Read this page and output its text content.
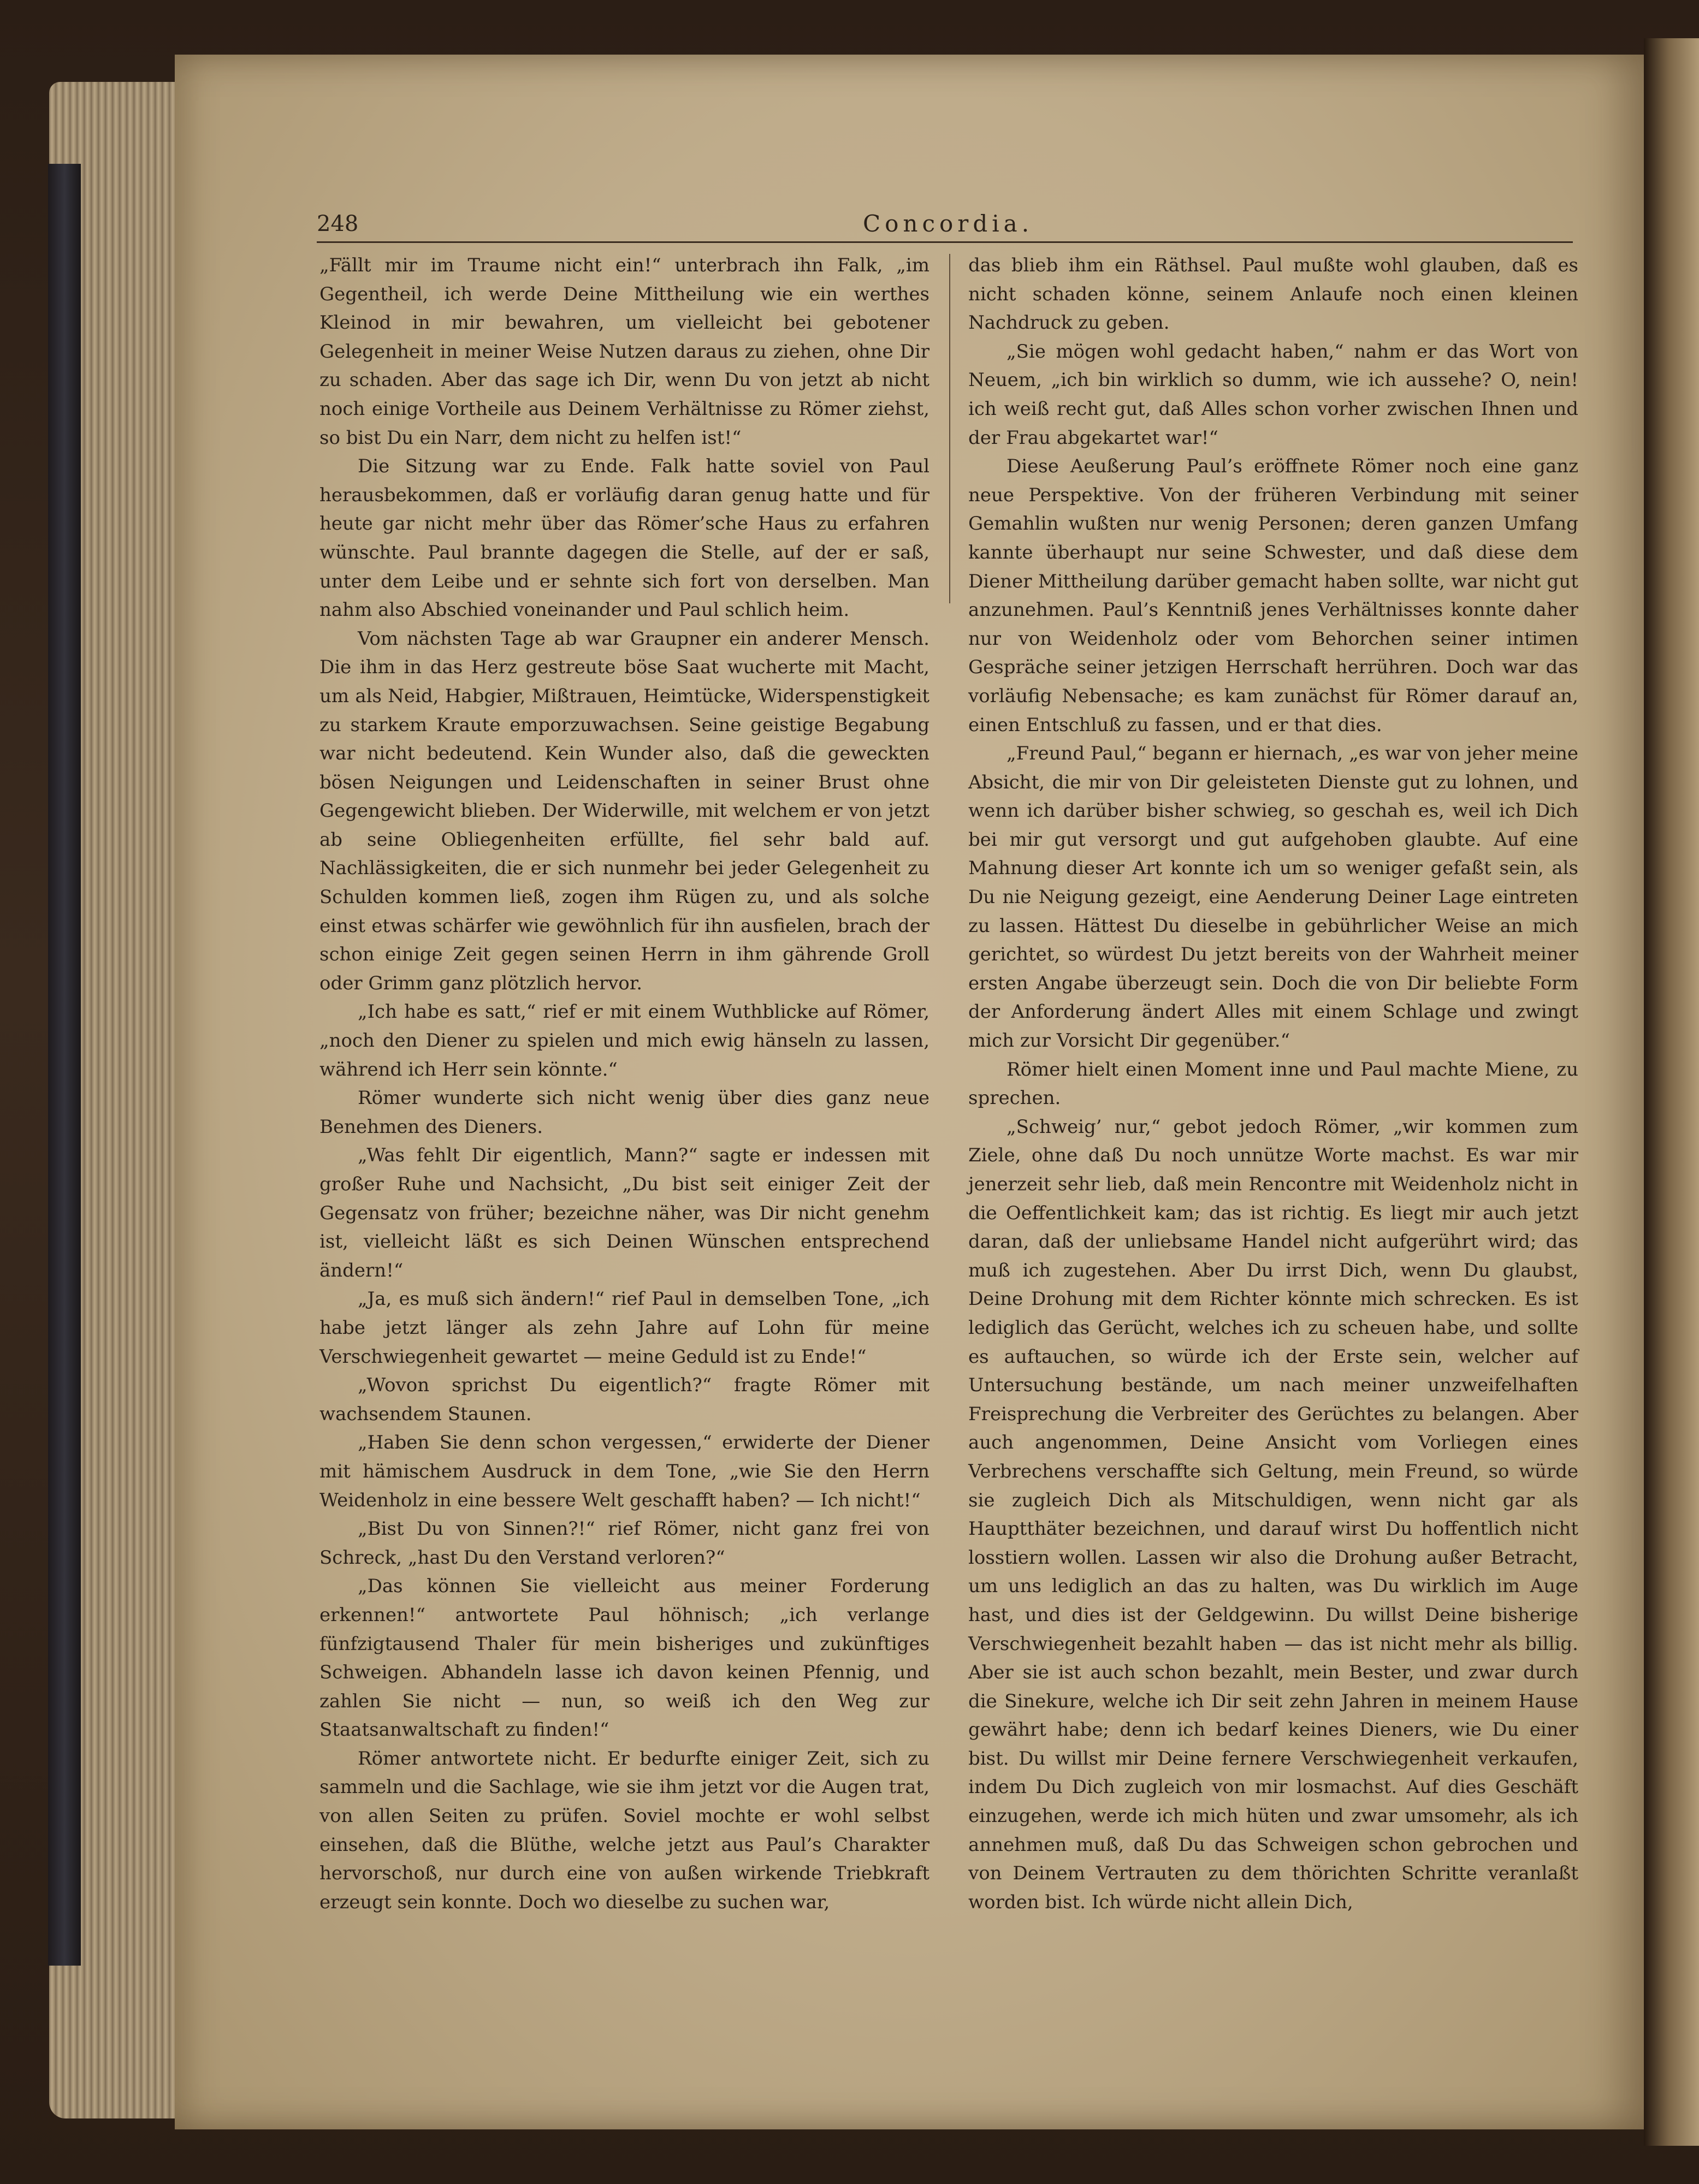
248	Concordia.

„Fällt mir im Traume nicht ein!“ unterbrach ihn Falk, „im Gegentheil, ich werde Deine Mittheilung wie ein werthes Kleinod in mir bewahren, um vielleicht bei gebotener Gelegenheit in meiner Weise Nutzen daraus zu ziehen, ohne Dir zu schaden. Aber das sage ich Dir, wenn Du von jetzt ab nicht noch einige Vortheile aus Deinem Verhältnisse zu Römer ziehst, so bist Du ein Narr, dem nicht zu helfen ist!“

Die Sitzung war zu Ende. Falk hatte soviel von Paul herausbekommen, daß er vorläufig daran genug hatte und für heute gar nicht mehr über das Römer’sche Haus zu erfahren wünschte. Paul brannte dagegen die Stelle, auf der er saß, unter dem Leibe und er sehnte sich fort von derselben. Man nahm also Abschied voneinander und Paul schlich heim.

Vom nächsten Tage ab war Graupner ein anderer Mensch. Die ihm in das Herz gestreute böse Saat wucherte mit Macht, um als Neid, Habgier, Mißtrauen, Heimtücke, Widerspenstigkeit zu starkem Kraute emporzuwachsen. Seine geistige Begabung war nicht bedeutend. Kein Wunder also, daß die geweckten bösen Neigungen und Leidenschaften in seiner Brust ohne Gegengewicht blieben. Der Widerwille, mit welchem er von jetzt ab seine Obliegenheiten erfüllte, fiel sehr bald auf. Nachlässigkeiten, die er sich nunmehr bei jeder Gelegenheit zu Schulden kommen ließ, zogen ihm Rügen zu, und als solche einst etwas schärfer wie gewöhnlich für ihn ausfielen, brach der schon einige Zeit gegen seinen Herrn in ihm gährende Groll oder Grimm ganz plötzlich hervor.

„Ich habe es satt,“ rief er mit einem Wuthblicke auf Römer, „noch den Diener zu spielen und mich ewig hänseln zu lassen, während ich Herr sein könnte.“

Römer wunderte sich nicht wenig über dies ganz neue Benehmen des Dieners.

„Was fehlt Dir eigentlich, Mann?“ sagte er indessen mit großer Ruhe und Nachsicht, „Du bist seit einiger Zeit der Gegensatz von früher; bezeichne näher, was Dir nicht genehm ist, vielleicht läßt es sich Deinen Wünschen entsprechend ändern!“

„Ja, es muß sich ändern!“ rief Paul in demselben Tone, „ich habe jetzt länger als zehn Jahre auf Lohn für meine Verschwiegenheit gewartet — meine Geduld ist zu Ende!“

„Wovon sprichst Du eigentlich?“ fragte Römer mit wachsendem Staunen.

„Haben Sie denn schon vergessen,“ erwiderte der Diener mit hämischem Ausdruck in dem Tone, „wie Sie den Herrn Weidenholz in eine bessere Welt geschafft haben? — Ich nicht!“

„Bist Du von Sinnen?!“ rief Römer, nicht ganz frei von Schreck, „hast Du den Verstand verloren?“

„Das können Sie vielleicht aus meiner Forderung erkennen!“ antwortete Paul höhnisch; „ich verlange fünfzigtausend Thaler für mein bisheriges und zukünftiges Schweigen. Abhandeln lasse ich davon keinen Pfennig, und zahlen Sie nicht — nun, so weiß ich den Weg zur Staatsanwaltschaft zu finden!“

Römer antwortete nicht. Er bedurfte einiger Zeit, sich zu sammeln und die Sachlage, wie sie ihm jetzt vor die Augen trat, von allen Seiten zu prüfen. Soviel mochte er wohl selbst einsehen, daß die Blüthe, welche jetzt aus Paul’s Charakter hervorschoß, nur durch eine von außen wirkende Triebkraft erzeugt sein konnte. Doch wo dieselbe zu suchen war,

das blieb ihm ein Räthsel. Paul mußte wohl glauben, daß es nicht schaden könne, seinem Anlaufe noch einen kleinen Nachdruck zu geben.

„Sie mögen wohl gedacht haben,“ nahm er das Wort von Neuem, „ich bin wirklich so dumm, wie ich aussehe? O, nein! ich weiß recht gut, daß Alles schon vorher zwischen Ihnen und der Frau abgekartet war!“

Diese Aeußerung Paul’s eröffnete Römer noch eine ganz neue Perspektive. Von der früheren Verbindung mit seiner Gemahlin wußten nur wenig Personen; deren ganzen Umfang kannte überhaupt nur seine Schwester, und daß diese dem Diener Mittheilung darüber gemacht haben sollte, war nicht gut anzunehmen. Paul’s Kenntniß jenes Verhältnisses konnte daher nur von Weidenholz oder vom Behorchen seiner intimen Gespräche seiner jetzigen Herrschaft herrühren. Doch war das vorläufig Nebensache; es kam zunächst für Römer darauf an, einen Entschluß zu fassen, und er that dies.

„Freund Paul,“ begann er hiernach, „es war von jeher meine Absicht, die mir von Dir geleisteten Dienste gut zu lohnen, und wenn ich darüber bisher schwieg, so geschah es, weil ich Dich bei mir gut versorgt und gut aufgehoben glaubte. Auf eine Mahnung dieser Art konnte ich um so weniger gefaßt sein, als Du nie Neigung gezeigt, eine Aenderung Deiner Lage eintreten zu lassen. Hättest Du dieselbe in gebührlicher Weise an mich gerichtet, so würdest Du jetzt bereits von der Wahrheit meiner ersten Angabe überzeugt sein. Doch die von Dir beliebte Form der Anforderung ändert Alles mit einem Schlage und zwingt mich zur Vorsicht Dir gegenüber.“

Römer hielt einen Moment inne und Paul machte Miene, zu sprechen.

„Schweig’ nur,“ gebot jedoch Römer, „wir kommen zum Ziele, ohne daß Du noch unnütze Worte machst. Es war mir jenerzeit sehr lieb, daß mein Rencontre mit Weidenholz nicht in die Oeffentlichkeit kam; das ist richtig. Es liegt mir auch jetzt daran, daß der unliebsame Handel nicht aufgerührt wird; das muß ich zugestehen. Aber Du irrst Dich, wenn Du glaubst, Deine Drohung mit dem Richter könnte mich schrecken. Es ist lediglich das Gerücht, welches ich zu scheuen habe, und sollte es auftauchen, so würde ich der Erste sein, welcher auf Untersuchung bestände, um nach meiner unzweifelhaften Freisprechung die Verbreiter des Gerüchtes zu belangen. Aber auch angenommen, Deine Ansicht vom Vorliegen eines Verbrechens verschaffte sich Geltung, mein Freund, so würde sie zugleich Dich als Mitschuldigen, wenn nicht gar als Hauptthäter bezeichnen, und darauf wirst Du hoffentlich nicht losstiern wollen. Lassen wir also die Drohung außer Betracht, um uns lediglich an das zu halten, was Du wirklich im Auge hast, und dies ist der Geldgewinn. Du willst Deine bisherige Verschwiegenheit bezahlt haben — das ist nicht mehr als billig. Aber sie ist auch schon bezahlt, mein Bester, und zwar durch die Sinekure, welche ich Dir seit zehn Jahren in meinem Hause gewährt habe; denn ich bedarf keines Dieners, wie Du einer bist. Du willst mir Deine fernere Verschwiegenheit verkaufen, indem Du Dich zugleich von mir losmachst. Auf dies Geschäft einzugehen, werde ich mich hüten und zwar umsomehr, als ich annehmen muß, daß Du das Schweigen schon gebrochen und von Deinem Vertrauten zu dem thörichten Schritte veranlaßt worden bist. Ich würde nicht allein Dich,
